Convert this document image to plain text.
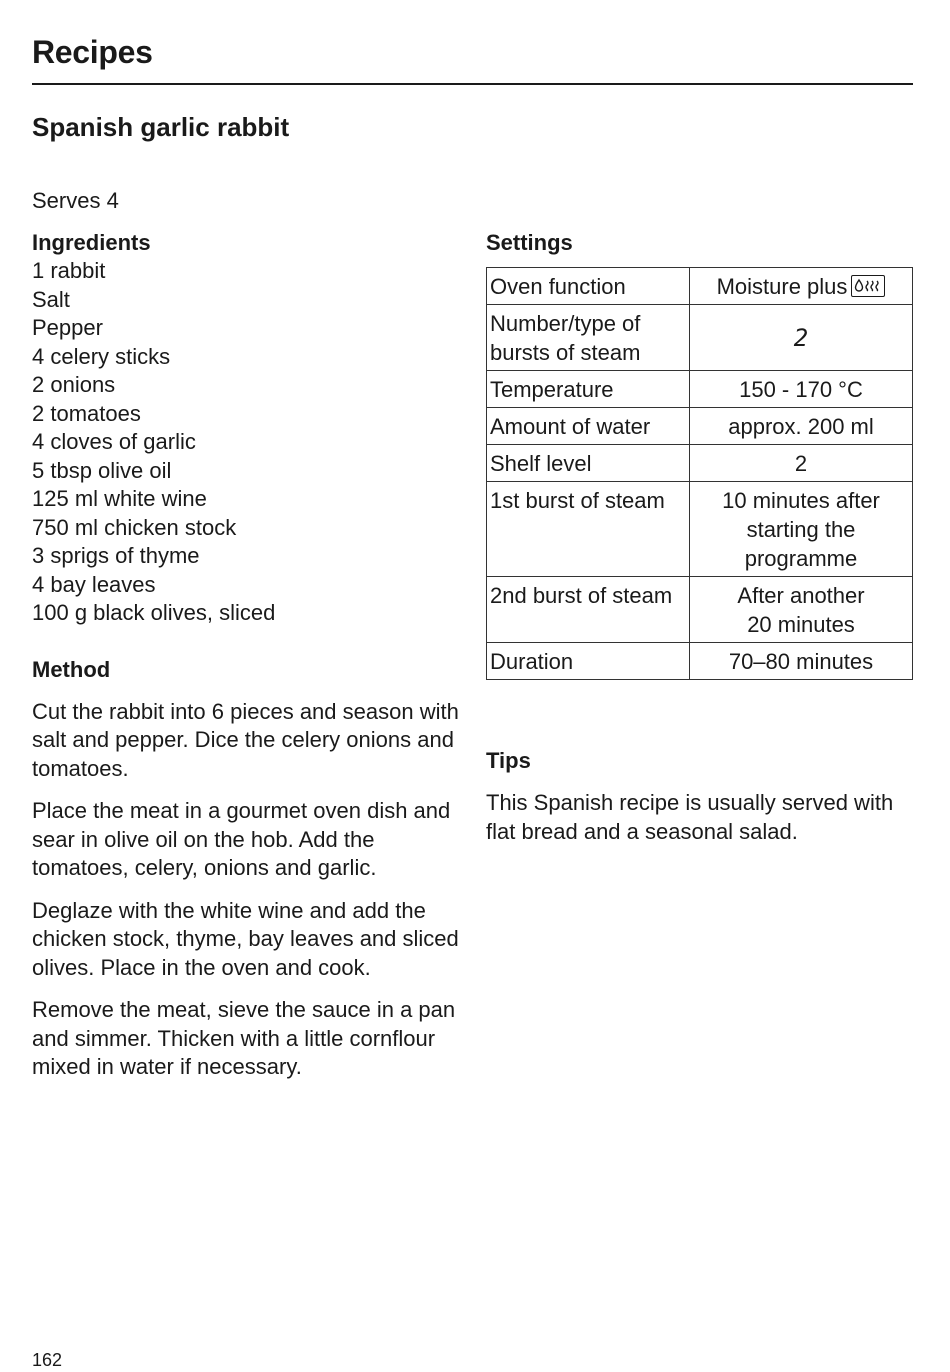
Recipes
Spanish garlic rabbit
Serves 4
Ingredients
1 rabbit
Salt
Pepper
4 celery sticks
2 onions
2 tomatoes
4 cloves of garlic
5 tbsp olive oil
125 ml white wine
750 ml chicken stock
3 sprigs of thyme
4 bay leaves
100 g black olives, sliced
Method

Cut the rabbit into 6 pieces and season with salt and pepper. Dice the celery onions and tomatoes.

Place the meat in a gourmet oven dish and sear in olive oil on the hob. Add the tomatoes, celery, onions and garlic.

Deglaze with the white wine and add the chicken stock, thyme, bay leaves and sliced olives. Place in the oven and cook.

Remove the meat, sieve the sauce in a pan and simmer. Thicken with a little cornflour mixed in water if necessary.

Settings
Oven function	Moisture plus

Number/type of bursts of steam	2
Temperature	150 - 170 °C
Amount of water	approx. 200 ml
Shelf level	2
1st burst of steam	10 minutes after starting the programme
2nd burst of steam	After another 20 minutes
Duration	70–80 minutes
Tips

This Spanish recipe is usually served with flat bread and a seasonal salad.

162
